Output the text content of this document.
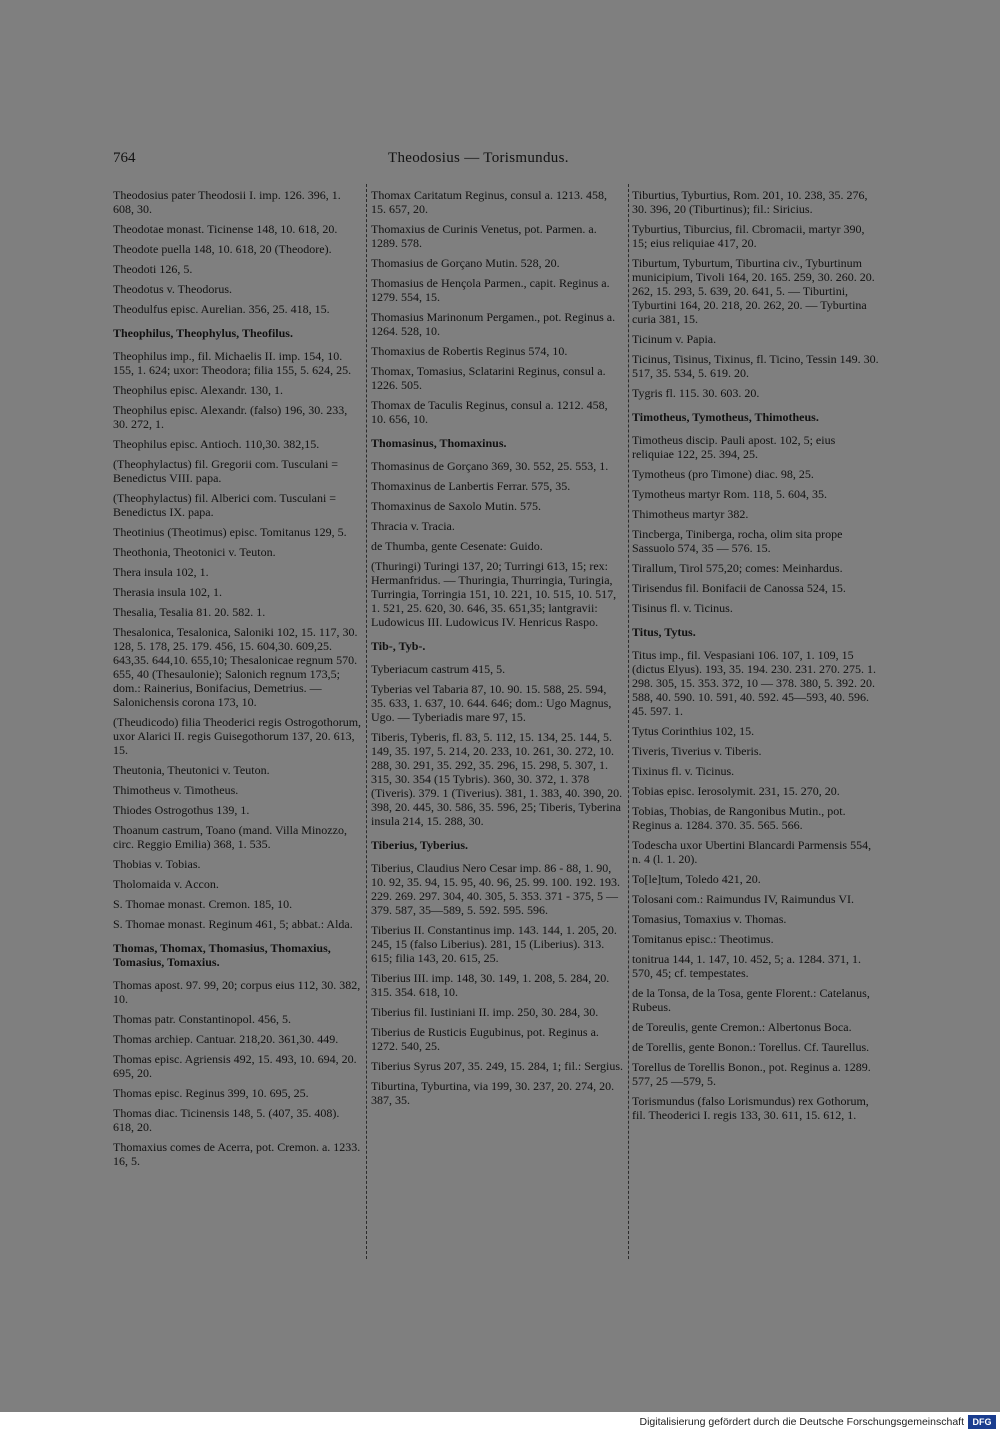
764	Theodosius — Torismundus.
Theodosius pater Theodosii I. imp. 126. 396, 1. 608, 30.
Theodotae monast. Ticinense 148, 10. 618, 20.
Theodote puella 148, 10. 618, 20 (Theodore).
Theodoti 126, 5.
Theodotus v. Theodorus.
Theodulfus episc. Aurelian. 356, 25. 418, 15.
Theophilus, Theophylus, Theofilus.
Theophilus imp., fil. Michaelis II. imp. 154, 10. 155, 1. 624; uxor: Theodora; filia 155, 5. 624, 25.
Theophilus episc. Alexandr. 130, 1.
Theophilus episc. Alexandr. (falso) 196, 30. 233, 30. 272, 1.
Theophilus episc. Antioch. 110,30. 382,15.
(Theophylactus) fil. Gregorii com. Tusculani = Benedictus VIII. papa.
(Theophylactus) fil. Alberici com. Tusculani = Benedictus IX. papa.
Theotinius (Theotimus) episc. Tomitanus 129, 5.
Theothonia, Theotonici v. Teuton.
Thera insula 102, 1.
Therasia insula 102, 1.
Thesalia, Tesalia 81. 20. 582. 1.
Thesalonica, Tesalonica, Saloniki 102, 15. 117, 30. 128, 5. 178, 25. 179. 456, 15. 604,30. 609,25. 643,35. 644,10. 655,10; Thesalonicae regnum 570. 655, 40 (Thesaulonie); Salonich regnum 173,5; dom.: Rainerius, Bonifacius, Demetrius. — Salonichensis corona 173, 10.
(Theudicodo) filia Theoderici regis Ostrogothorum, uxor Alarici II. regis Guisegothorum 137, 20. 613, 15.
Theutonia, Theutonici v. Teuton.
Thimotheus v. Timotheus.
Thiodes Ostrogothus 139, 1.
Thoanum castrum, Toano (mand. Villa Minozzo, circ. Reggio Emilia) 368, 1. 535.
Thobias v. Tobias.
Tholomaida v. Accon.
S. Thomae monast. Cremon. 185, 10.
S. Thomae monast. Reginum 461, 5; abbat.: Alda.
Thomas, Thomax, Thomasius, Thomaxius, Tomasius, Tomaxius.
Thomas apost. 97. 99, 20; corpus eius 112, 30. 382, 10.
Thomas patr. Constantinopol. 456, 5.
Thomas archiep. Cantuar. 218,20. 361,30. 449.
Thomas episc. Agriensis 492, 15. 493, 10. 694, 20. 695, 20.
Thomas episc. Reginus 399, 10. 695, 25.
Thomas diac. Ticinensis 148, 5. (407, 35. 408). 618, 20.
Thomaxius comes de Acerra, pot. Cremon. a. 1233. 16, 5.
Thomax Caritatum Reginus, consul a. 1213. 458, 15. 657, 20.
Thomaxius de Curinis Venetus, pot. Parmen. a. 1289. 578.
Thomasius de Gorçano Mutin. 528, 20.
Thomasius de Hençola Parmen., capit. Reginus a. 1279. 554, 15.
Thomasius Marinonum Pergamen., pot. Reginus a. 1264. 528, 10.
Thomaxius de Robertis Reginus 574, 10.
Thomax, Tomasius, Sclatarini Reginus, consul a. 1226. 505.
Thomax de Taculis Reginus, consul a. 1212. 458, 10. 656, 10.
Thomasinus, Thomaxinus.
Thomasinus de Gorçano 369, 30. 552, 25. 553, 1.
Thomaxinus de Lanbertis Ferrar. 575, 35.
Thomaxinus de Saxolo Mutin. 575.
Thracia v. Tracia.
de Thumba, gente Cesenate: Guido.
(Thuringi) Turingi 137, 20; Turringi 613, 15; rex: Hermanfridus. — Thuringia, Thurringia, Turingia, Turringia, Torringia 151, 10. 221, 10. 515, 10. 517, 1. 521, 25. 620, 30. 646, 35. 651,35; lantgravii: Ludowicus III. Ludowicus IV. Henricus Raspo.
Tib-, Tyb-.
Tyberiacum castrum 415, 5.
Tyberias vel Tabaria 87, 10. 90. 15. 588, 25. 594, 35. 633, 1. 637, 10. 644. 646; dom.: Ugo Magnus, Ugo. — Tyberiadis mare 97, 15.
Tiberis, Tyberis, fl. 83, 5. 112, 15. 134, 25. 144, 5. 149, 35. 197, 5. 214, 20. 233, 10. 261, 30. 272, 10. 288, 30. 291, 35. 292, 35. 296, 15. 298, 5. 307, 1. 315, 30. 354 (15 Tybris). 360, 30. 372, 1. 378 (Tiveris). 379. 1 (Tiverius). 381, 1. 383, 40. 390, 20. 398, 20. 445, 30. 586, 35. 596, 25; Tiberis, Tyberina insula 214, 15. 288, 30.
Tiberius, Tyberius.
Tiberius, Claudius Nero Cesar imp. 86 - 88, 1. 90, 10. 92, 35. 94, 15. 95, 40. 96, 25. 99. 100. 192. 193. 229. 269. 297. 304, 40. 305, 5. 353. 371 - 375, 5 —379. 587, 35—589, 5. 592. 595. 596.
Tiberius II. Constantinus imp. 143. 144, 1. 205, 20. 245, 15 (falso Liberius). 281, 15 (Liberius). 313. 615; filia 143, 20. 615, 25.
Tiberius III. imp. 148, 30. 149, 1. 208, 5. 284, 20. 315. 354. 618, 10.
Tiberius fil. Iustiniani II. imp. 250, 30. 284, 30.
Tiberius de Rusticis Eugubinus, pot. Reginus a. 1272. 540, 25.
Tiberius Syrus 207, 35. 249, 15. 284, 1; fil.: Sergius.
Tiburtina, Tyburtina, via 199, 30. 237, 20. 274, 20. 387, 35.
Tiburtius, Tyburtius, Rom. 201, 10. 238, 35. 276, 30. 396, 20 (Tiburtinus); fil.: Siricius.
Tyburtius, Tiburcius, fil. Cbromacii, martyr 390, 15; eius reliquiae 417, 20.
Tiburtum, Tyburtum, Tiburtina civ., Tyburtinum municipium, Tivoli 164, 20. 165. 259, 30. 260. 20. 262, 15. 293, 5. 639, 20. 641, 5. — Tiburtini, Tyburtini 164, 20. 218, 20. 262, 20. — Tyburtina curia 381, 15.
Ticinum v. Papia.
Ticinus, Tisinus, Tixinus, fl. Ticino, Tessin 149. 30. 517, 35. 534, 5. 619. 20.
Tygris fl. 115. 30. 603. 20.
Timotheus, Tymotheus, Thimotheus.
Timotheus discip. Pauli apost. 102, 5; eius reliquiae 122, 25. 394, 25.
Tymotheus (pro Timone) diac. 98, 25.
Tymotheus martyr Rom. 118, 5. 604, 35.
Thimotheus martyr 382.
Tincberga, Tiniberga, rocha, olim sita prope Sassuolo 574, 35 — 576. 15.
Tirallum, Tirol 575,20; comes: Meinhardus.
Tirisendus fil. Bonifacii de Canossa 524, 15.
Tisinus fl. v. Ticinus.
Titus, Tytus.
Titus imp., fil. Vespasiani 106. 107, 1. 109, 15 (dictus Elyus). 193, 35. 194. 230. 231. 270. 275. 1. 298. 305, 15. 353. 372, 10 — 378. 380, 5. 392. 20. 588, 40. 590. 10. 591, 40. 592. 45—593, 40. 596. 45. 597. 1.
Tytus Corinthius 102, 15.
Tiveris, Tiverius v. Tiberis.
Tixinus fl. v. Ticinus.
Tobias episc. Ierosolymit. 231, 15. 270, 20.
Tobias, Thobias, de Rangonibus Mutin., pot. Reginus a. 1284. 370. 35. 565. 566.
Todescha uxor Ubertini Blancardi Parmensis 554, n. 4 (l. 1. 20).
To[le]tum, Toledo 421, 20.
Tolosani com.: Raimundus IV, Raimundus VI.
Tomasius, Tomaxius v. Thomas.
Tomitanus episc.: Theotimus.
tonitrua 144, 1. 147, 10. 452, 5; a. 1284. 371, 1. 570, 45; cf. tempestates.
de la Tonsa, de la Tosa, gente Florent.: Catelanus, Rubeus.
de Toreulis, gente Cremon.: Albertonus Boca.
de Torellis, gente Bonon.: Torellus. Cf. Taurellus.
Torellus de Torellis Bonon., pot. Reginus a. 1289. 577, 25 —579, 5.
Torismundus (falso Lorismundus) rex Gothorum, fil. Theoderici I. regis 133, 30. 611, 15. 612, 1.
Digitalisierung gefördert durch die Deutsche Forschungsgemeinschaft DFG
